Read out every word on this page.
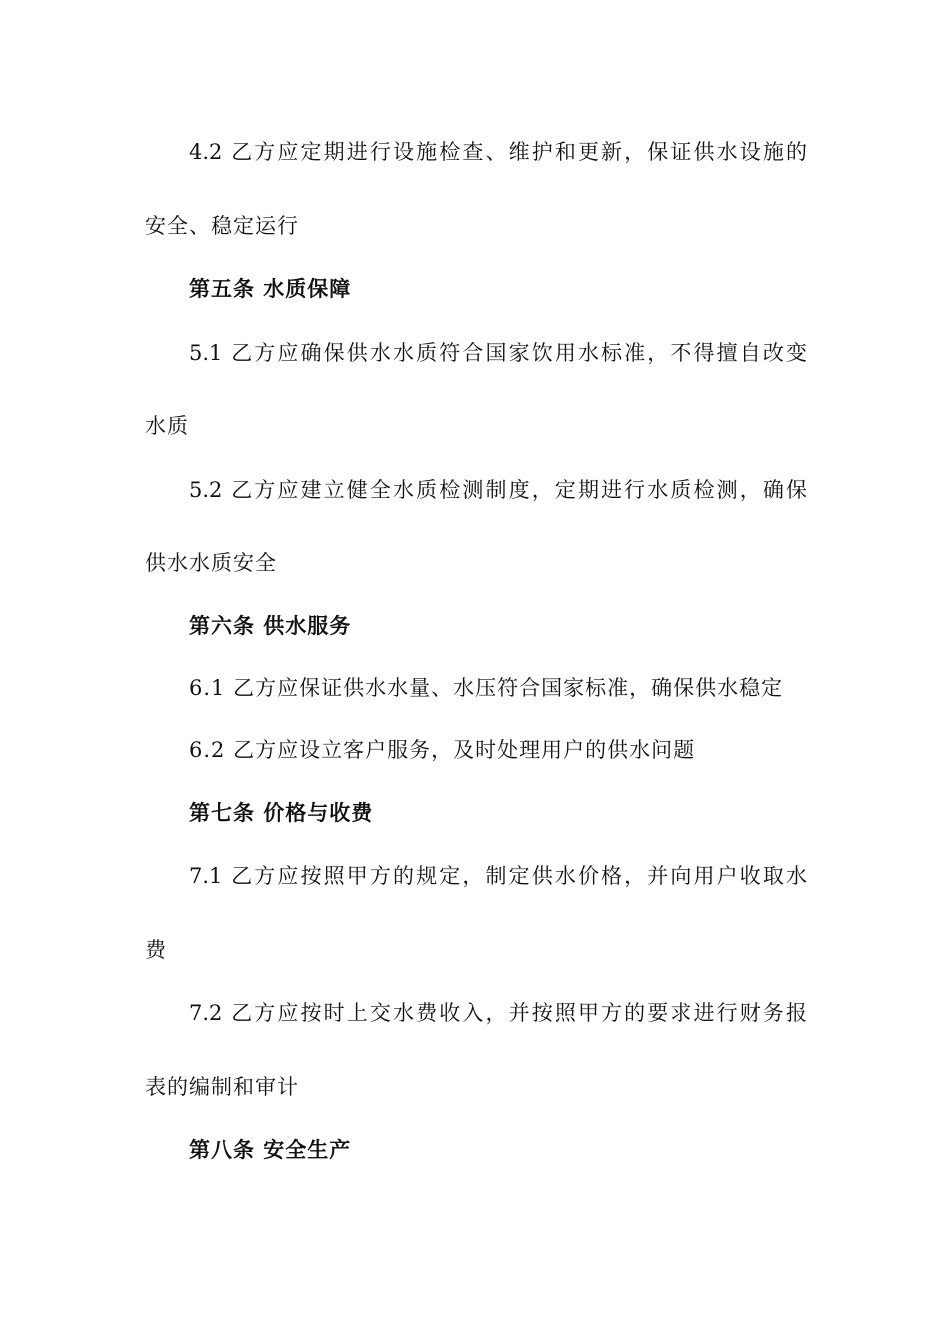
4.2 乙方应定期进行设施检查、维护和更新，保证供水设施的
安全、稳定运行
第五条 水质保障
5.1 乙方应确保供水水质符合国家饮用水标准，不得擅自改变
水质
5.2 乙方应建立健全水质检测制度，定期进行水质检测，确保
供水水质安全
第六条 供水服务
6.1 乙方应保证供水水量、水压符合国家标准，确保供水稳定
6.2 乙方应设立客户服务，及时处理用户的供水问题
第七条 价格与收费
7.1 乙方应按照甲方的规定，制定供水价格，并向用户收取水
费
7.2 乙方应按时上交水费收入，并按照甲方的要求进行财务报
表的编制和审计
第八条 安全生产
